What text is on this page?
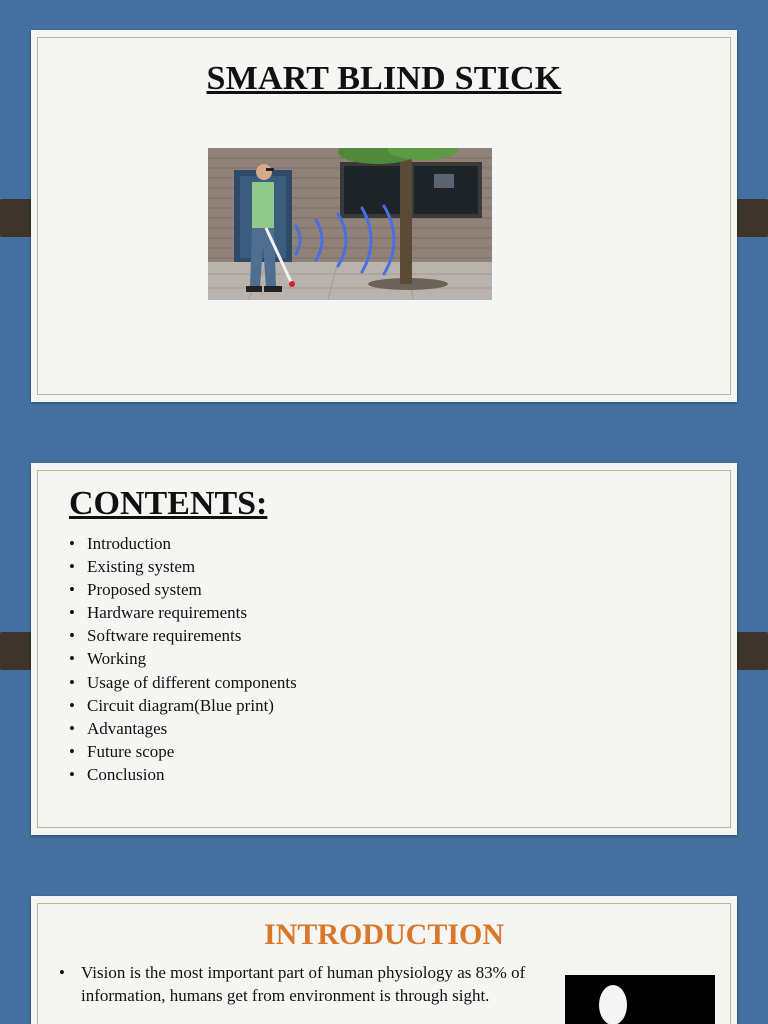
SMART BLIND STICK
CONTENTS:
• Introduction
• Existing system
• Proposed system
• Hardware requirements
• Software requirements
• Working
• Usage of different components
• Circuit diagram(Blue print)
• Advantages
• Future scope
• Conclusion
INTRODUCTION
• Vision is the most important part of human physiology as 83% of information, humans get from environment is through sight.
